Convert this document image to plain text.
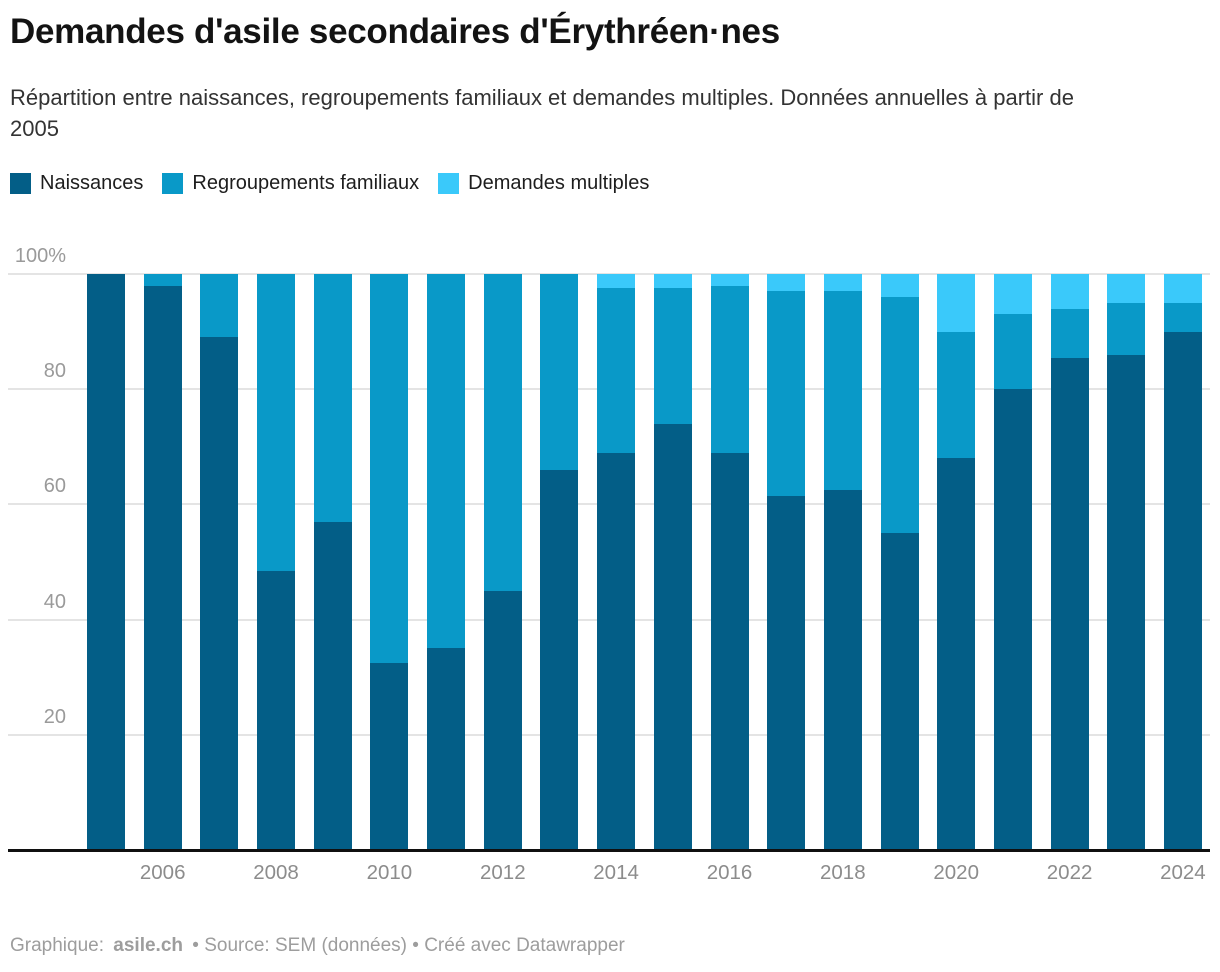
Demandes d'asile secondaires d'Érythréen·nes

Répartition entre naissances, regroupements familiaux et demandes multiples. Données annuelles à partir de 2005

Naissances Regroupements familiaux Demandes multiples
20
40
60
80
100%
2006	2008	2010	2012	2014	2016	2018	2020	2022	2024
Graphique: asile.ch • Source: SEM (données) • Créé avec Datawrapper
